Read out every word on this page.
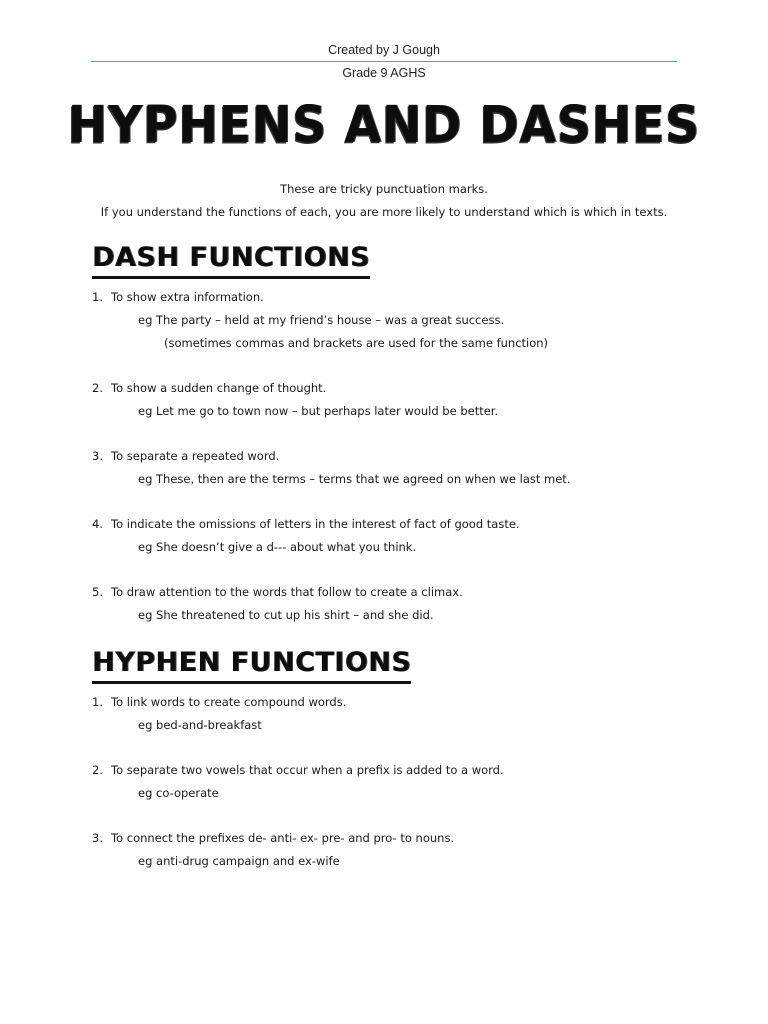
Created by J Gough
Grade 9 AGHS
HYPHENS AND DASHES
These are tricky punctuation marks.
If you understand the functions of each, you are more likely to understand which is which in texts.
DASH FUNCTIONS
1. To show extra information.
eg The party – held at my friend’s house – was a great success.
(sometimes commas and brackets are used for the same function)
2. To show a sudden change of thought.
eg Let me go to town now – but perhaps later would be better.
3. To separate a repeated word.
eg These, then are the terms – terms that we agreed on when we last met.
4. To indicate the omissions of letters in the interest of fact of good taste.
eg She doesn’t give a d--- about what you think.
5. To draw attention to the words that follow to create a climax.
eg She threatened to cut up his shirt – and she did.
HYPHEN FUNCTIONS
1. To link words to create compound words.
eg bed-and-breakfast
2. To separate two vowels that occur when a prefix is added to a word.
eg co-operate
3. To connect the prefixes de- anti- ex- pre- and pro- to nouns.
eg anti-drug campaign and ex-wife
